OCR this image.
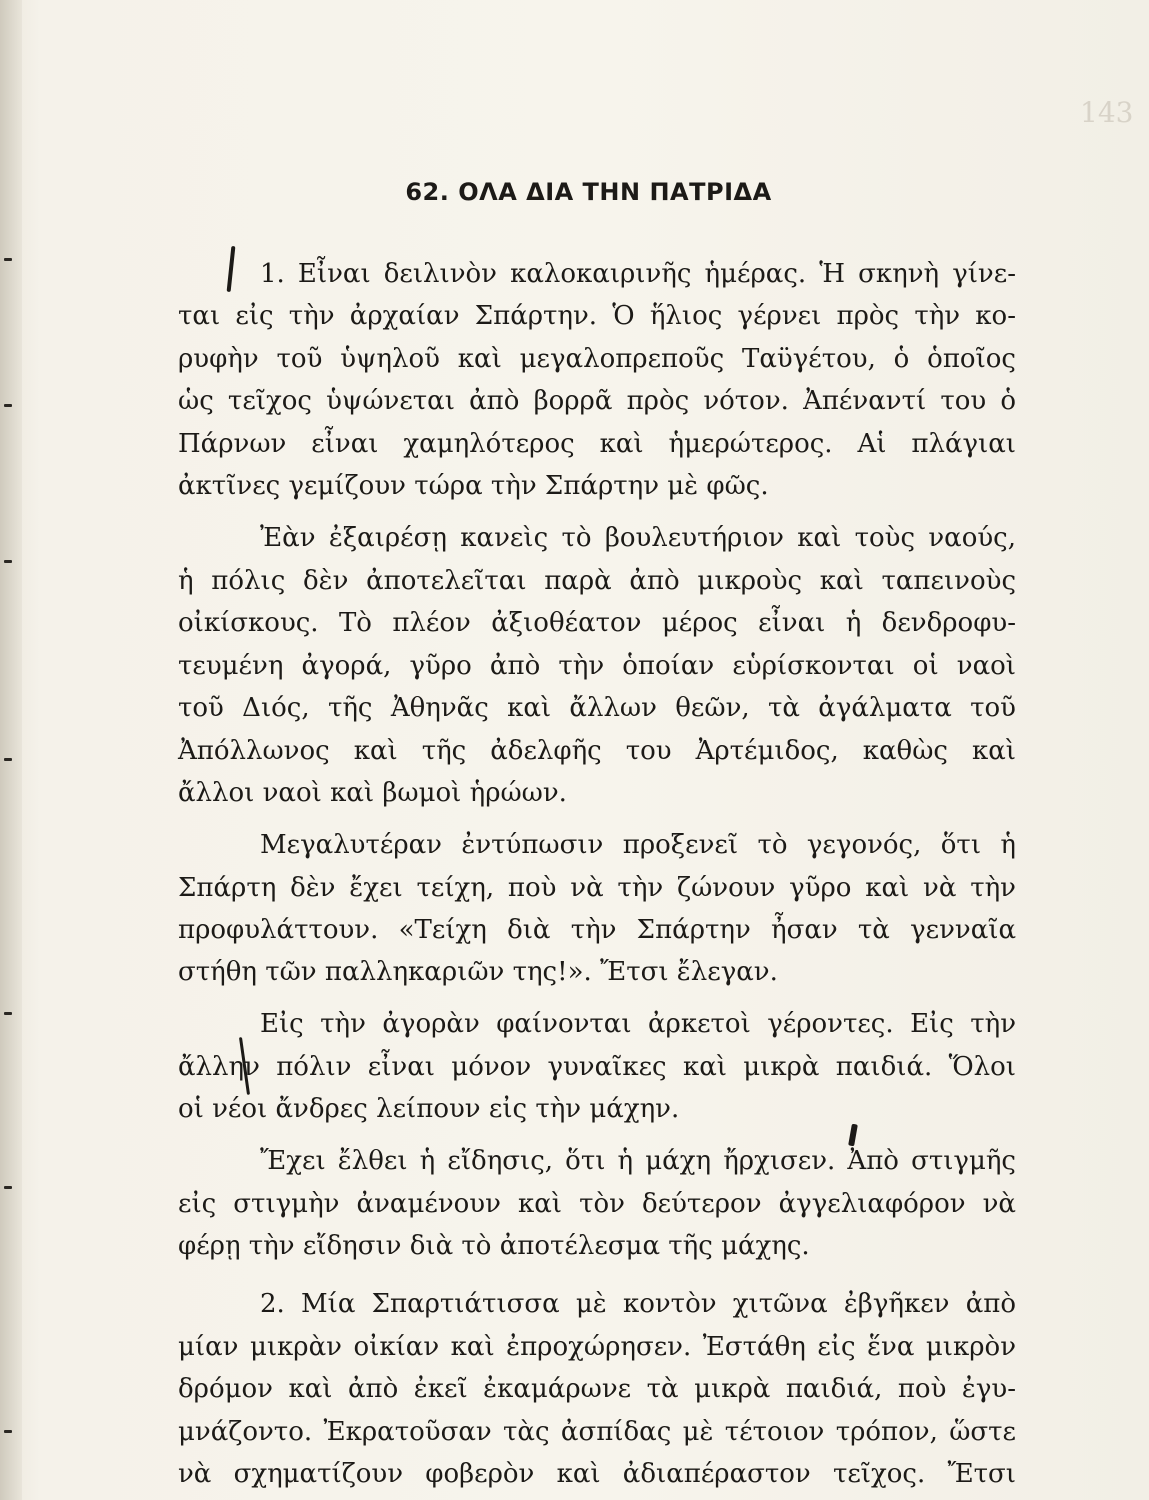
143
62. ΟΛΑ ΔΙΑ ΤΗΝ ΠΑΤΡΙΔΑ
1. Εἶναι δειλινὸν καλοκαιρινῆς ἡμέρας. Ἡ σκηνὴ γίνε-
ται εἰς τὴν ἀρχαίαν Σπάρτην. Ὁ ἥλιος γέρνει πρὸς τὴν κο-
ρυφὴν τοῦ ὑψηλοῦ καὶ μεγαλοπρεποῦς Ταϋγέτου, ὁ ὁποῖος
ὡς τεῖχος ὑψώνεται ἀπὸ βορρᾶ πρὸς νότον. Ἀπέναντί του ὁ
Πάρνων εἶναι χαμηλότερος καὶ ἡμερώτερος. Αἱ πλάγιαι
ἀκτῖνες γεμίζουν τώρα τὴν Σπάρτην μὲ φῶς.
Ἐὰν ἐξαιρέσῃ κανεὶς τὸ βουλευτήριον καὶ τοὺς ναούς,
ἡ πόλις δὲν ἀποτελεῖται παρὰ ἀπὸ μικροὺς καὶ ταπεινοὺς
οἰκίσκους. Τὸ πλέον ἀξιοθέατον μέρος εἶναι ἡ δενδροφυ-
τευμένη ἀγορά, γῦρο ἀπὸ τὴν ὁποίαν εὑρίσκονται οἱ ναοὶ
τοῦ Διός, τῆς Ἀθηνᾶς καὶ ἄλλων θεῶν, τὰ ἀγάλματα τοῦ
Ἀπόλλωνος καὶ τῆς ἀδελφῆς του Ἀρτέμιδος, καθὼς καὶ
ἄλλοι ναοὶ καὶ βωμοὶ ἡρώων.
Μεγαλυτέραν ἐντύπωσιν προξενεῖ τὸ γεγονός, ὅτι ἡ
Σπάρτη δὲν ἔχει τείχη, ποὺ νὰ τὴν ζώνουν γῦρο καὶ νὰ τὴν
προφυλάττουν. «Τείχη διὰ τὴν Σπάρτην ἦσαν τὰ γενναῖα
στήθη τῶν παλληκαριῶν της!». Ἔτσι ἔλεγαν.
Εἰς τὴν ἀγορὰν φαίνονται ἀρκετοὶ γέροντες. Εἰς τὴν
ἄλλην πόλιν εἶναι μόνον γυναῖκες καὶ μικρὰ παιδιά. Ὅλοι
οἱ νέοι ἄνδρες λείπουν εἰς τὴν μάχην.
Ἔχει ἔλθει ἡ εἴδησις, ὅτι ἡ μάχη ἤρχισεν. Ἀπὸ στιγμῆς
εἰς στιγμὴν ἀναμένουν καὶ τὸν δεύτερον ἀγγελιαφόρον νὰ
φέρῃ τὴν εἴδησιν διὰ τὸ ἀποτέλεσμα τῆς μάχης.
2. Μία Σπαρτιάτισσα μὲ κοντὸν χιτῶνα ἐβγῆκεν ἀπὸ
μίαν μικρὰν οἰκίαν καὶ ἐπροχώρησεν. Ἐστάθη εἰς ἕνα μικρὸν
δρόμον καὶ ἀπὸ ἐκεῖ ἐκαμάρωνε τὰ μικρὰ παιδιά, ποὺ ἐγυ-
μνάζοντο. Ἐκρατοῦσαν τὰς ἀσπίδας μὲ τέτοιον τρόπον, ὥστε
νὰ σχηματίζουν φοβερὸν καὶ ἀδιαπέραστον τεῖχος. Ἔτσι
